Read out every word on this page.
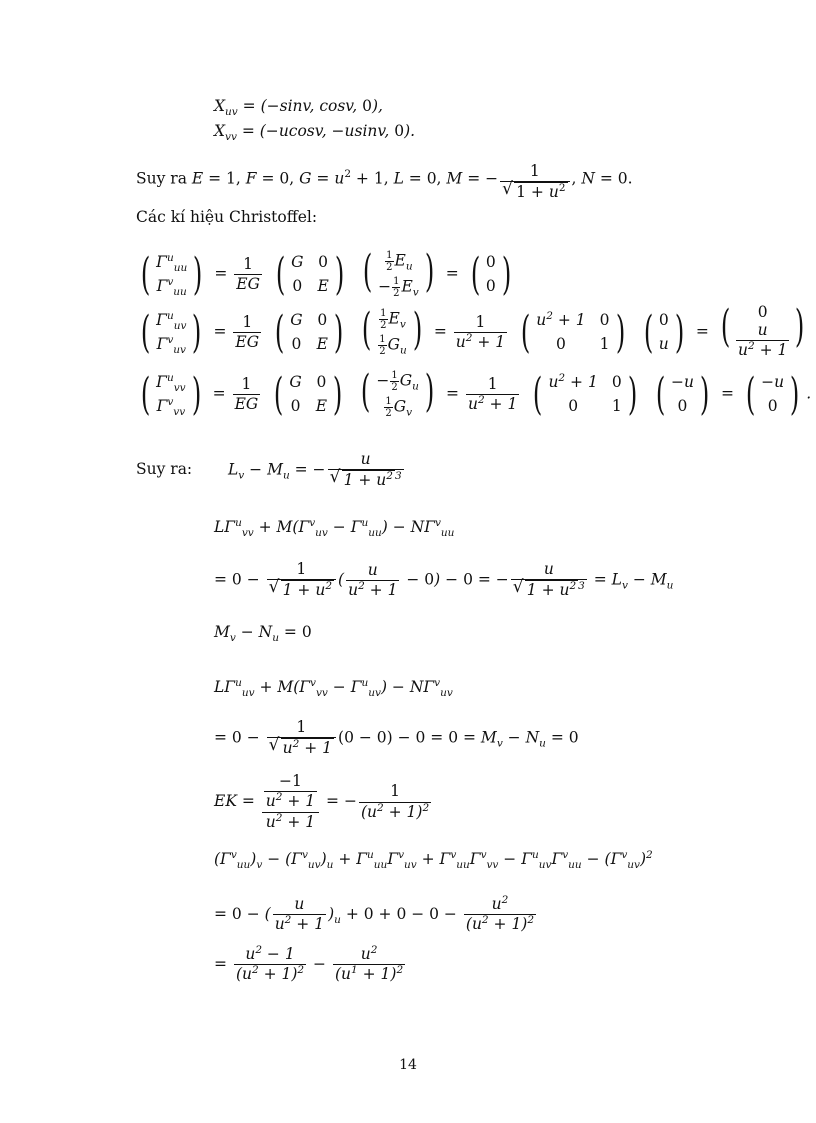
$X_{uv} = (-\sin v$, cosv, 0),
$X_{vv} = (-ucosv$, −usinv, 0).
Suy ra E = 1, F = 0, $G = u^2 + 1$, L = 0, M = − $\frac{1}{√ 1 + u^2}$ , N = 0.
Các kí hiệu Christoffel:
( $\Gamma^u_{uu}$
$\Gamma^v_{uu}$ ) = $\frac{1}{EG}$
( G 0
0 E )
( $\frac{1}{2} E_u$
− $\frac{1}{2} E_v$ ) = ( 0
0 )
( $\Gamma^u_{uv}$
$\Gamma^v_{uv}$ ) = $\frac{1}{EG}$
( G 0
0 E )
( $\frac{1}{2} E_v$
$\frac{1}{2} G_u$ ) = $\frac{1}{u^2 + 1}$
( $u^2 + 1$ 0
0 1 )
( 0
u ) = ( 0
$\frac{u}{u^2 + 1}$ )
( $\Gamma^u_{vv}$
$\Gamma^v_{vv}$ ) = $\frac{1}{EG}$
( G 0
0 E )
( − $\frac{1}{2} G_u$
$\frac{1}{2} G_v$ ) = $\frac{1}{u^2 + 1}$
( $u^2 + 1$ 0
0 1 )
( −u
0 ) = ( −u
0 ) .
Suy ra: $L_v - M_u$ = − $\frac{u}{√ 1 + u^2 ^3}$
$L\Gamma^u_{vv} + M(\Gamma^v_{uv} - \Gamma^u_{uu}) - N\Gamma^v_{uu}$
= $0 - \frac{1}{√ 1 + u^2}$ ( $\frac{u}{u^2 + 1} - 0) - 0$ = − $\frac{u}{√ 1 + u^2 ^3} = L_v - M_u$
$M_v - N_u = 0$
$L\Gamma^u_{uv} + M(\Gamma^v_{vv} - \Gamma^u_{uv}) - N\Gamma^v_{uv}$
= $0 - \frac{1}{√ u^2 + 1} (0 - 0) - 0 = 0 = M_v - N_u = 0$
EK = $\frac{\frac{-1}{u^2 + 1}}{u^2 + 1}$ = − $\frac{1}{(u^2 + 1)^2}$
$(\Gamma^v_{uu})_v - (\Gamma^v_{uv})_u + \Gamma^u_{uu}\Gamma^v_{uv} + \Gamma^v_{uu}\Gamma^v_{vv} - \Gamma^u_{uv}\Gamma^v_{uu} - (\Gamma^v_{uv})^2$
= 0 − ( $\frac{u}{u^2 + 1} )_u + 0 + 0 - 0 - \frac{u^2}{(u^2 + 1)^2}$
= $\frac{u^2 - 1}{(u^2 + 1)^2} - \frac{u^2}{(u^1 + 1)^2}$
14
